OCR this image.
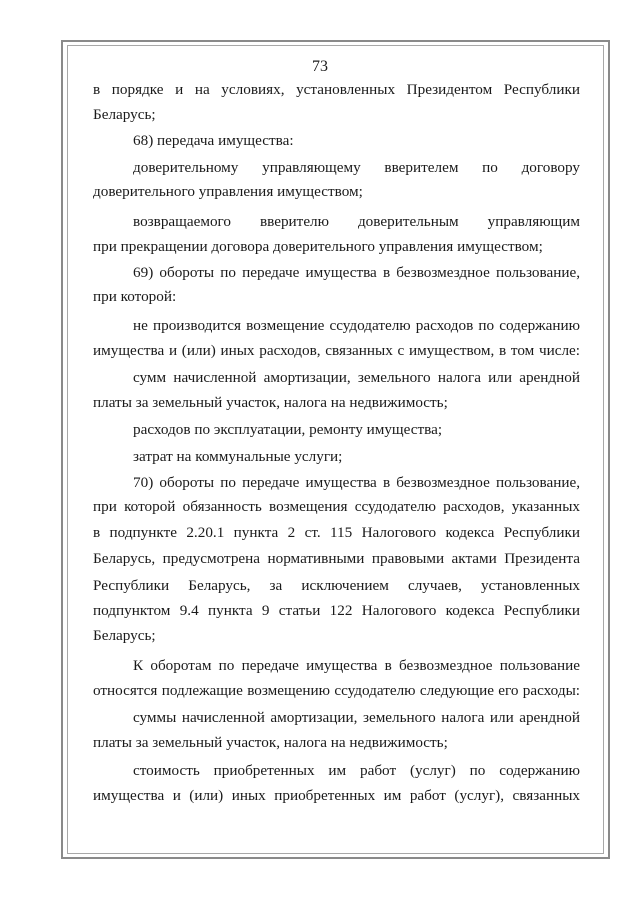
73
в порядке и на условиях, установленных Президентом Республики
Беларусь;
68) передача имущества:
доверительному управляющему вверителем по договору
доверительного управления имуществом;
возвращаемого вверителю доверительным управляющим
при прекращении договора доверительного управления имуществом;
69) обороты по передаче имущества в безвозмездное пользование,
при которой:
не производится возмещение ссудодателю расходов по содержанию
имущества и (или) иных расходов, связанных с имуществом, в том числе:
сумм начисленной амортизации, земельного налога или арендной
платы за земельный участок, налога на недвижимость;
расходов по эксплуатации, ремонту имущества;
затрат на коммунальные услуги;
70) обороты по передаче имущества в безвозмездное пользование,
при которой обязанность возмещения ссудодателю расходов, указанных
в подпункте 2.20.1 пункта 2 ст. 115 Налогового кодекса Республики
Беларусь, предусмотрена нормативными правовыми актами Президента
Республики Беларусь, за исключением случаев, установленных
подпунктом 9.4 пункта 9 статьи 122 Налогового кодекса Республики
Беларусь;
К оборотам по передаче имущества в безвозмездное пользование
относятся подлежащие возмещению ссудодателю следующие его расходы:
суммы начисленной амортизации, земельного налога или арендной
платы за земельный участок, налога на недвижимость;
стоимость приобретенных им работ (услуг) по содержанию
имущества и (или) иных приобретенных им работ (услуг), связанных
